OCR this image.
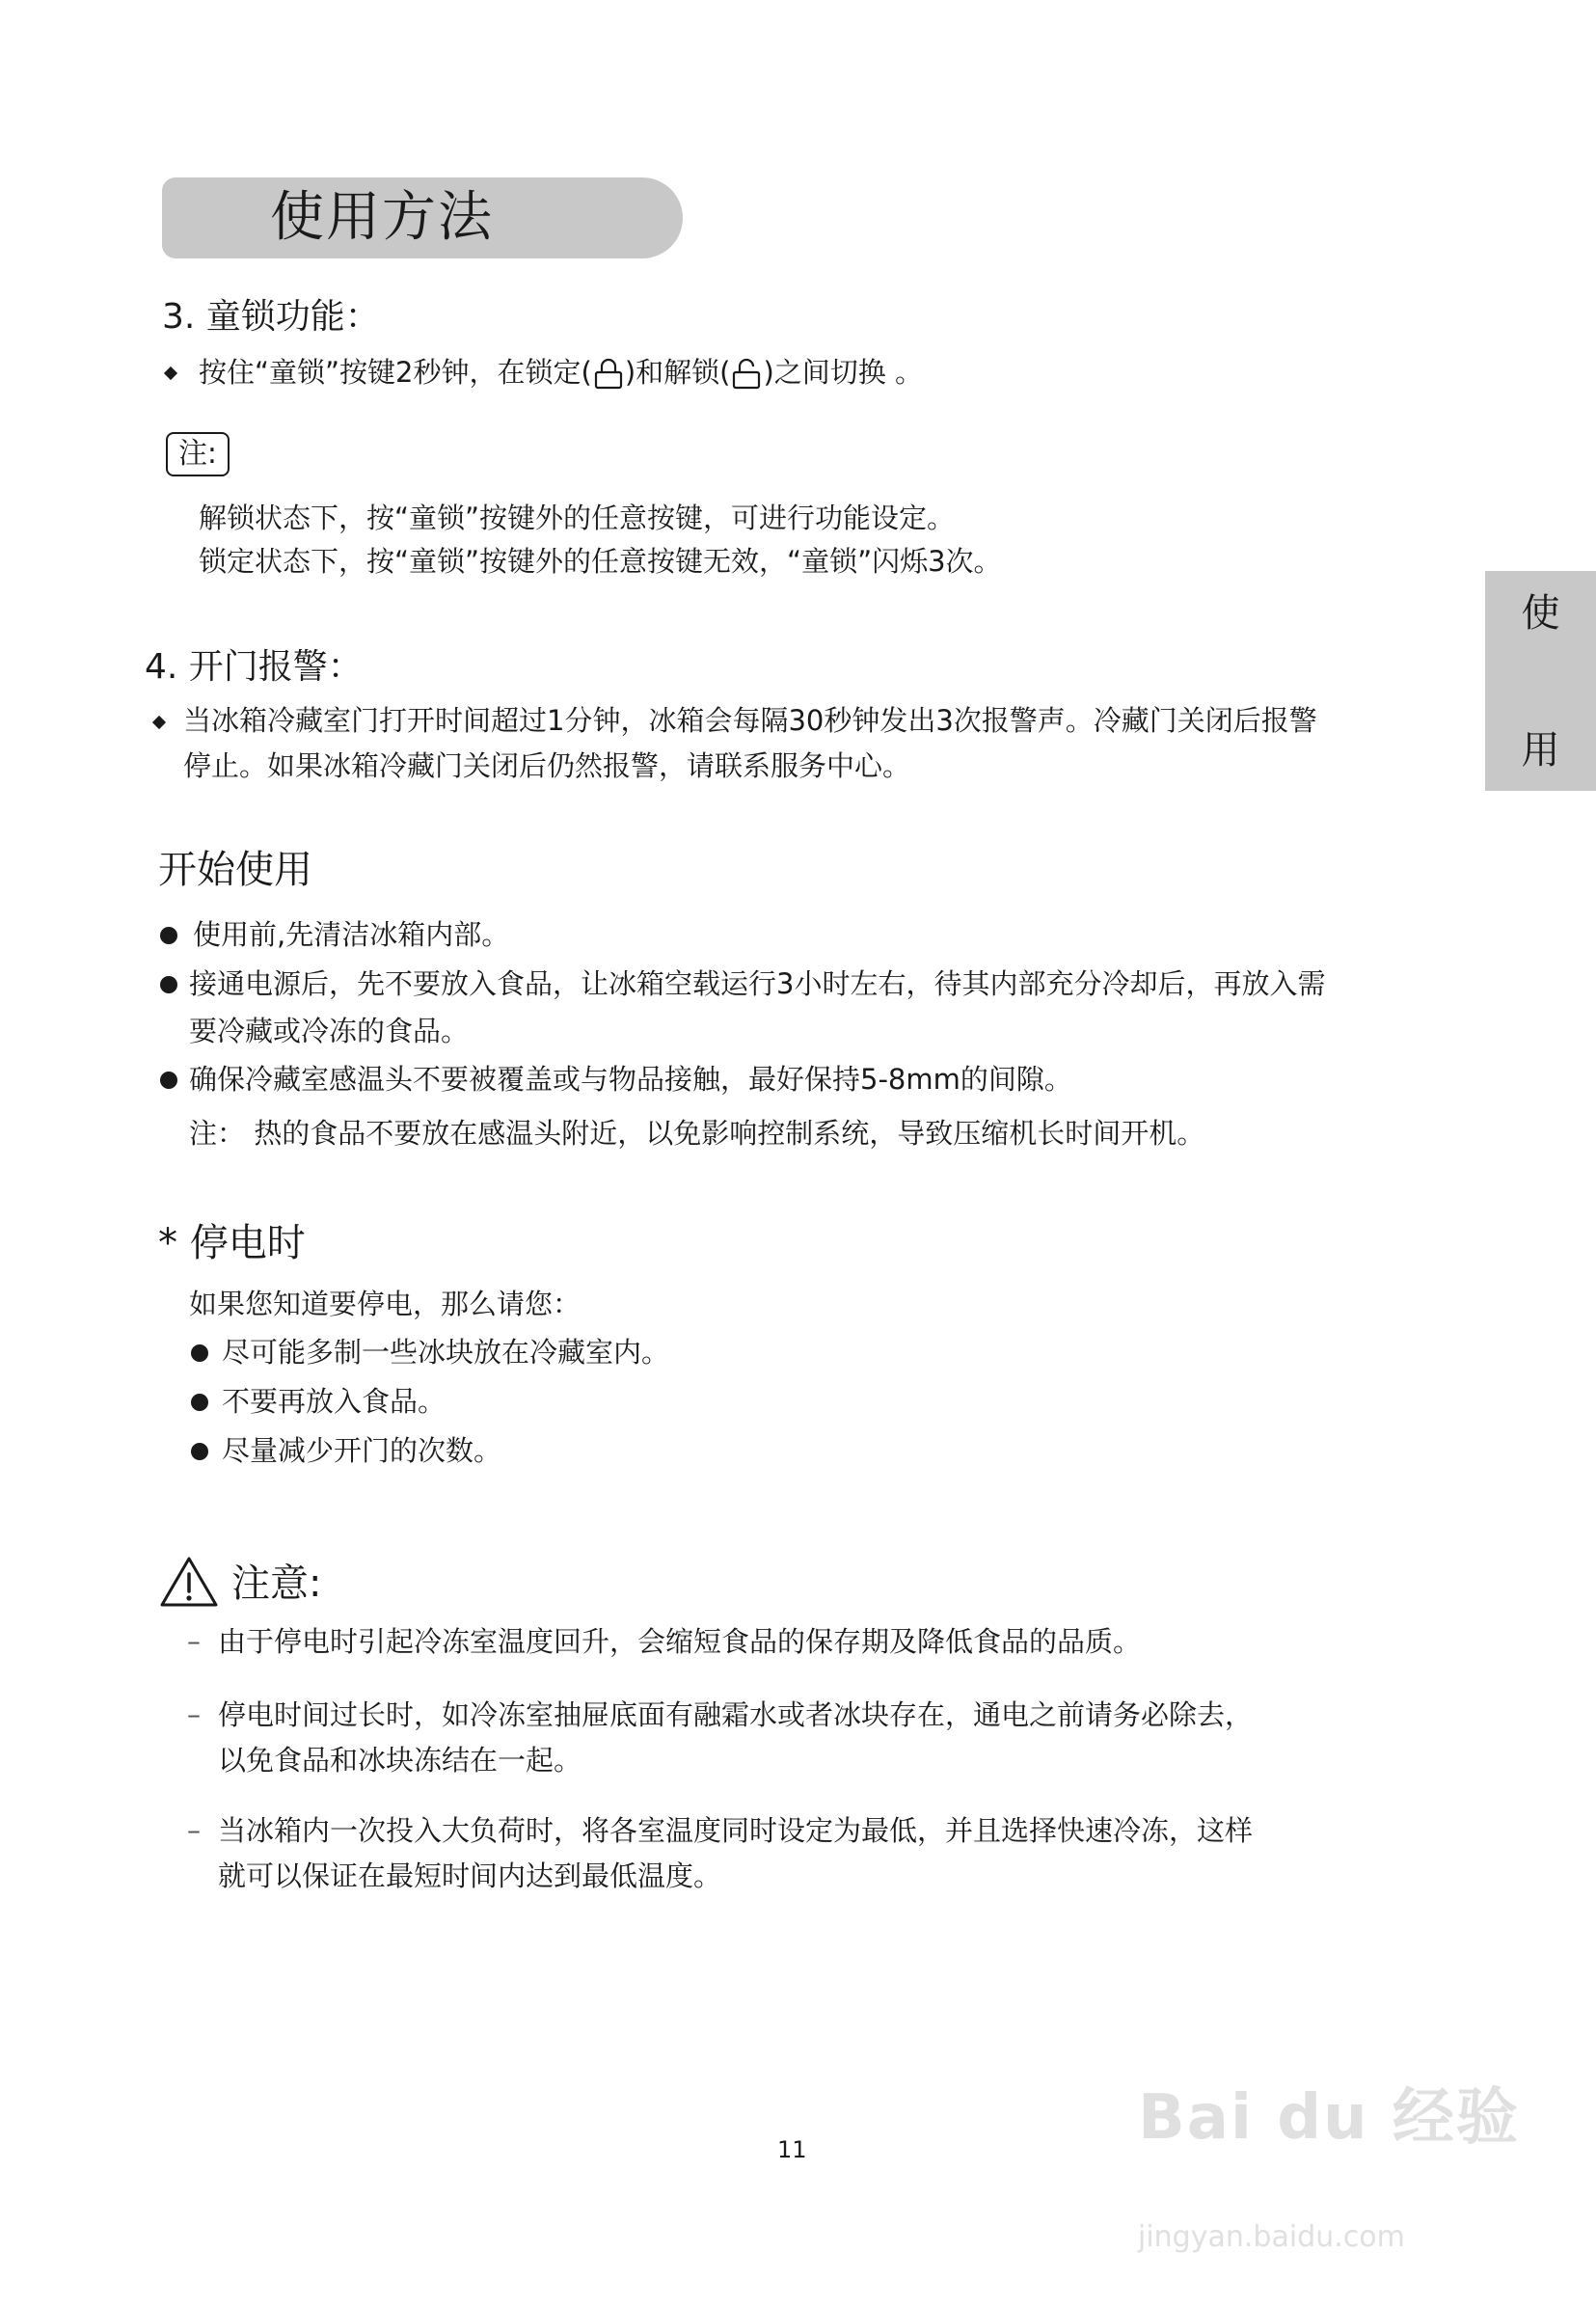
使用方法
使
用
3. 童锁功能：
按住“童锁”按键2秒钟，在锁定( )和解锁( )之间切换 。
注:
解锁状态下，按“童锁”按键外的任意按键，可进行功能设定。
锁定状态下，按“童锁”按键外的任意按键无效，“童锁”闪烁3次。
4. 开门报警：
当冰箱冷藏室门打开时间超过1分钟，冰箱会每隔30秒钟发出3次报警声。冷藏门关闭后报警
停止。如果冰箱冷藏门关闭后仍然报警，请联系服务中心。
开始使用
使用前,先清洁冰箱内部。
接通电源后，先不要放入食品，让冰箱空载运行3小时左右，待其内部充分冷却后，再放入需
要冷藏或冷冻的食品。
确保冷藏室感温头不要被覆盖或与物品接触，最好保持5-8mm的间隙。
注： 热的食品不要放在感温头附近，以免影响控制系统，导致压缩机长时间开机。
* 停电时
如果您知道要停电，那么请您：
尽可能多制一些冰块放在冷藏室内。
不要再放入食品。
尽量减少开门的次数。
注意:
– 由于停电时引起冷冻室温度回升，会缩短食品的保存期及降低食品的品质。
– 停电时间过长时，如冷冻室抽屉底面有融霜水或者冰块存在，通电之前请务必除去，
以免食品和冰块冻结在一起。
– 当冰箱内一次投入大负荷时，将各室温度同时设定为最低，并且选择快速冷冻，这样
就可以保证在最短时间内达到最低温度。
11	Bai du 经验
jingyan.baidu.com
